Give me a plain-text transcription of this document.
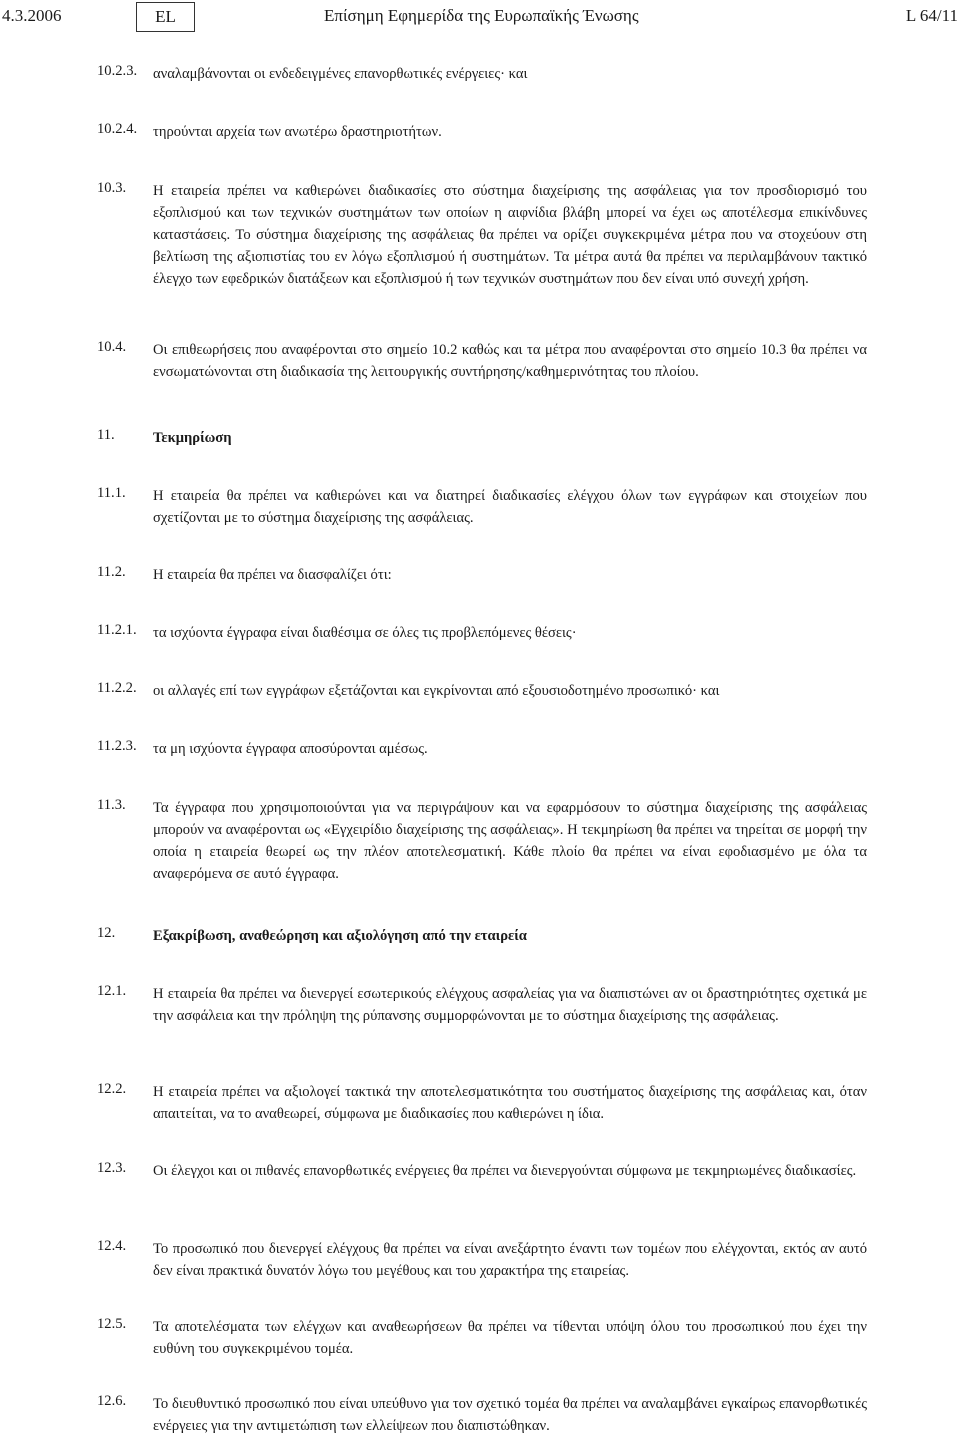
4.3.2006	EL	Επίσημη Εφημερίδα της Ευρωπαϊκής Ένωσης	L 64/11
10.2.3. αναλαμβάνονται οι ενδεδειγμένες επανορθωτικές ενέργειες· και
10.2.4. τηρούνται αρχεία των ανωτέρω δραστηριοτήτων.
10.3. Η εταιρεία πρέπει να καθιερώνει διαδικασίες στο σύστημα διαχείρισης της ασφάλειας για τον προσδιορισμό του εξοπλισμού και των τεχνικών συστημάτων των οποίων η αιφνίδια βλάβη μπορεί να έχει ως αποτέλεσμα επικίνδυνες καταστάσεις. Το σύστημα διαχείρισης της ασφάλειας θα πρέπει να ορίζει συγκεκριμένα μέτρα που να στοχεύουν στη βελτίωση της αξιοπιστίας του εν λόγω εξοπλισμού ή συστημάτων. Τα μέτρα αυτά θα πρέπει να περιλαμβάνουν τακτικό έλεγχο των εφεδρικών διατάξεων και εξοπλισμού ή των τεχνικών συστημάτων που δεν είναι υπό συνεχή χρήση.
10.4. Οι επιθεωρήσεις που αναφέρονται στο σημείο 10.2 καθώς και τα μέτρα που αναφέρονται στο σημείο 10.3 θα πρέπει να ενσωματώνονται στη διαδικασία της λειτουργικής συντήρησης/καθημερινότητας του πλοίου.
11.	Τεκμηρίωση
11.1. Η εταιρεία θα πρέπει να καθιερώνει και να διατηρεί διαδικασίες ελέγχου όλων των εγγράφων και στοιχείων που σχετίζονται με το σύστημα διαχείρισης της ασφάλειας.
11.2. Η εταιρεία θα πρέπει να διασφαλίζει ότι:
11.2.1. τα ισχύοντα έγγραφα είναι διαθέσιμα σε όλες τις προβλεπόμενες θέσεις·
11.2.2. οι αλλαγές επί των εγγράφων εξετάζονται και εγκρίνονται από εξουσιοδοτημένο προσωπικό· και
11.2.3. τα μη ισχύοντα έγγραφα αποσύρονται αμέσως.
11.3. Τα έγγραφα που χρησιμοποιούνται για να περιγράψουν και να εφαρμόσουν το σύστημα διαχείρισης της ασφάλειας μπορούν να αναφέρονται ως «Εγχειρίδιο διαχείρισης της ασφάλειας». Η τεκμηρίωση θα πρέπει να τηρείται σε μορφή την οποία η εταιρεία θεωρεί ως την πλέον αποτελεσματική. Κάθε πλοίο θα πρέπει να είναι εφοδιασμένο με όλα τα αναφερόμενα σε αυτό έγγραφα.
12.	Εξακρίβωση, αναθεώρηση και αξιολόγηση από την εταιρεία
12.1. Η εταιρεία θα πρέπει να διενεργεί εσωτερικούς ελέγχους ασφαλείας για να διαπιστώνει αν οι δραστηριότητες σχετικά με την ασφάλεια και την πρόληψη της ρύπανσης συμμορφώνονται με το σύστημα διαχείρισης της ασφάλειας.
12.2. Η εταιρεία πρέπει να αξιολογεί τακτικά την αποτελεσματικότητα του συστήματος διαχείρισης της ασφάλειας και, όταν απαιτείται, να το αναθεωρεί, σύμφωνα με διαδικασίες που καθιερώνει η ίδια.
12.3. Οι έλεγχοι και οι πιθανές επανορθωτικές ενέργειες θα πρέπει να διενεργούνται σύμφωνα με τεκμηριωμένες διαδικασίες.
12.4. Το προσωπικό που διενεργεί ελέγχους θα πρέπει να είναι ανεξάρτητο έναντι των τομέων που ελέγχονται, εκτός αν αυτό δεν είναι πρακτικά δυνατόν λόγω του μεγέθους και του χαρακτήρα της εταιρείας.
12.5. Τα αποτελέσματα των ελέγχων και αναθεωρήσεων θα πρέπει να τίθενται υπόψη όλου του προσωπικού που έχει την ευθύνη του συγκεκριμένου τομέα.
12.6. Το διευθυντικό προσωπικό που είναι υπεύθυνο για τον σχετικό τομέα θα πρέπει να αναλαμβάνει εγκαίρως επανορθωτικές ενέργειες για την αντιμετώπιση των ελλείψεων που διαπιστώθηκαν.
